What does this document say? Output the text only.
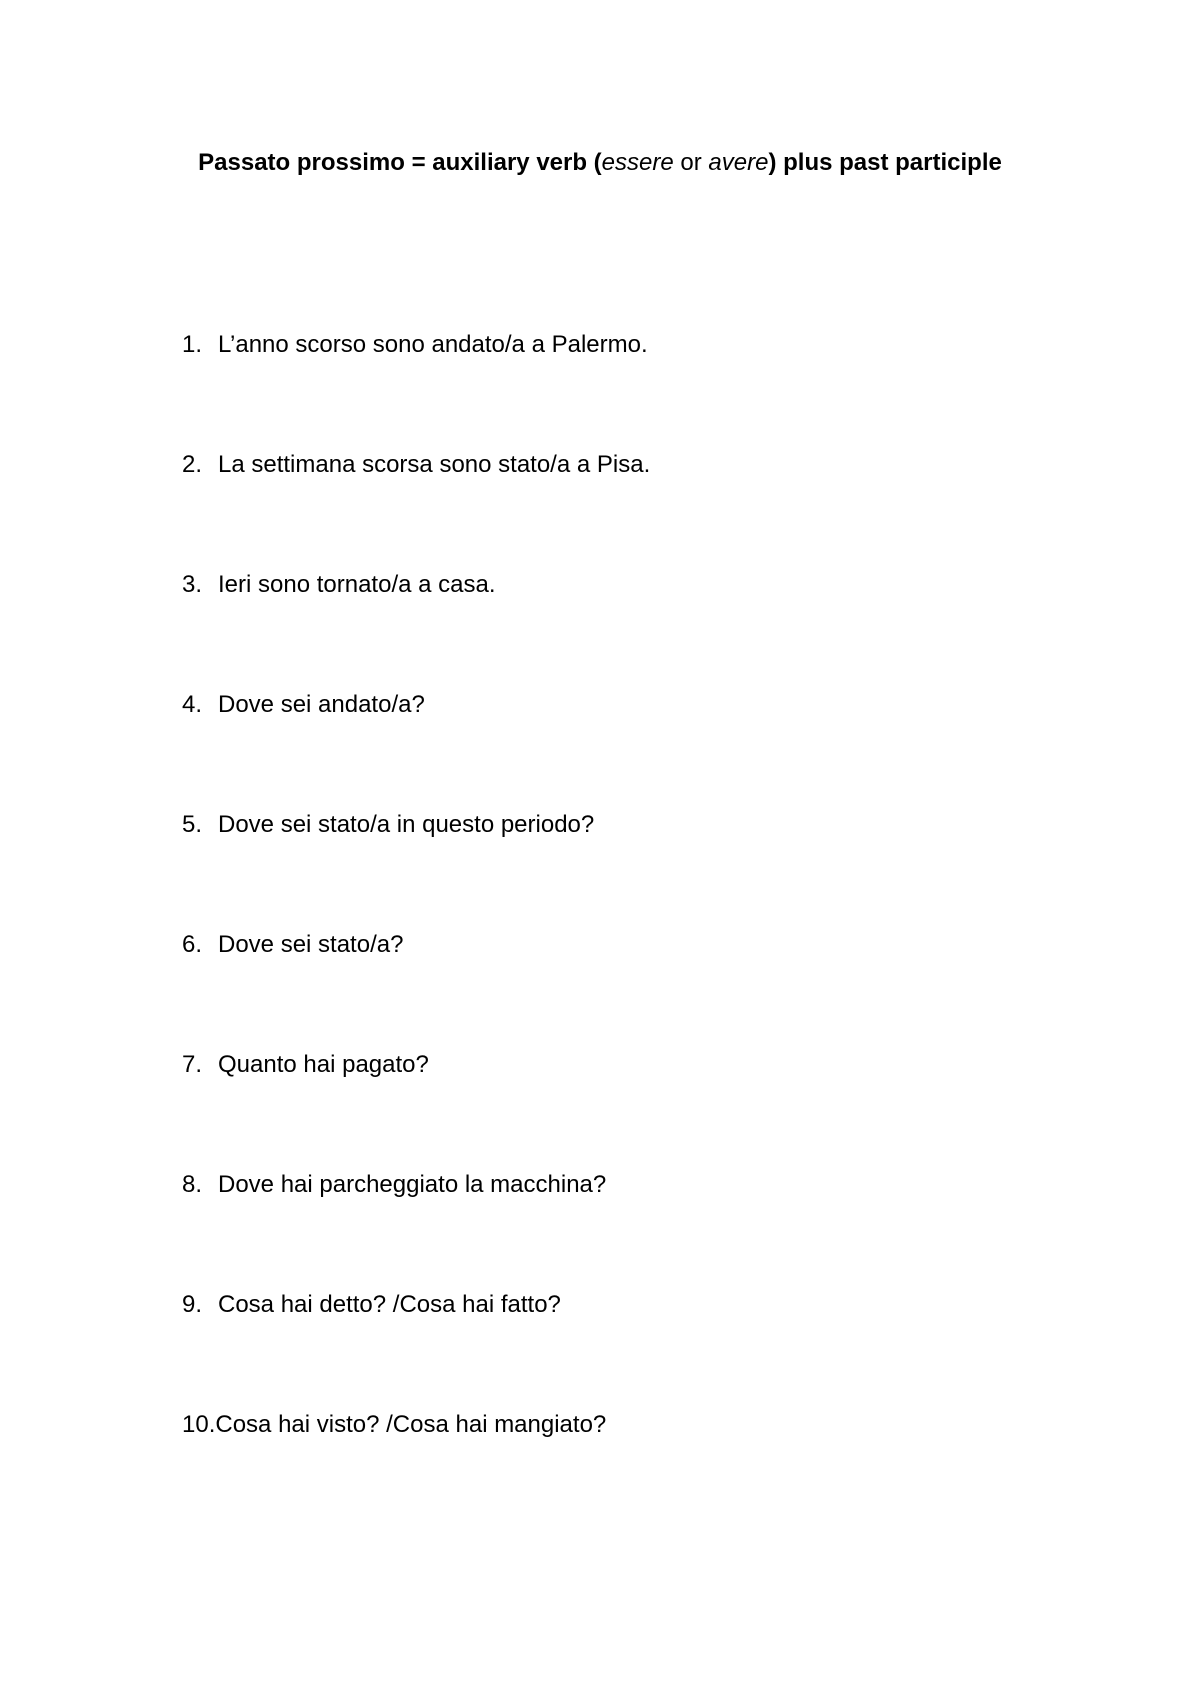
Passato prossimo = auxiliary verb (essere or avere) plus past participle
1. L’anno scorso sono andato/a a Palermo.
2. La settimana scorsa sono stato/a a Pisa.
3. Ieri sono tornato/a a casa.
4. Dove sei andato/a?
5. Dove sei stato/a in questo periodo?
6. Dove sei stato/a?
7. Quanto hai pagato?
8. Dove hai parcheggiato la macchina?
9. Cosa hai detto? /Cosa hai fatto?
10.Cosa hai visto? /Cosa hai mangiato?
